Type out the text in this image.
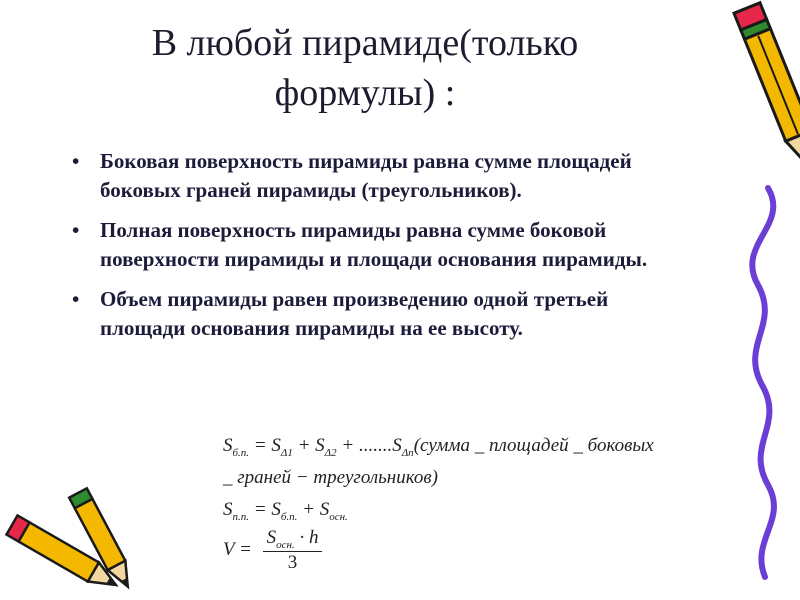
В любой пирамиде(только
формулы) :
• Боковая поверхность пирамиды равна сумме площадей боковых граней пирамиды (треугольников).
• Полная поверхность пирамиды равна сумме боковой поверхности пирамиды и площади основания пирамиды.
• Объем пирамиды равен произведению одной третьей площади основания пирамиды на ее высоту.
$S_{б.п.} = S_{\Delta 1} + S_{\Delta 2}$ + $.......S_{\Delta n}(сумма$ _ площадей _ боковых
_ граней − треугольников)
$S_{п.п.} = S_{б.п.} + S_{осн.}$
$V = \frac{S_{осн.} \cdot h}{3}$
